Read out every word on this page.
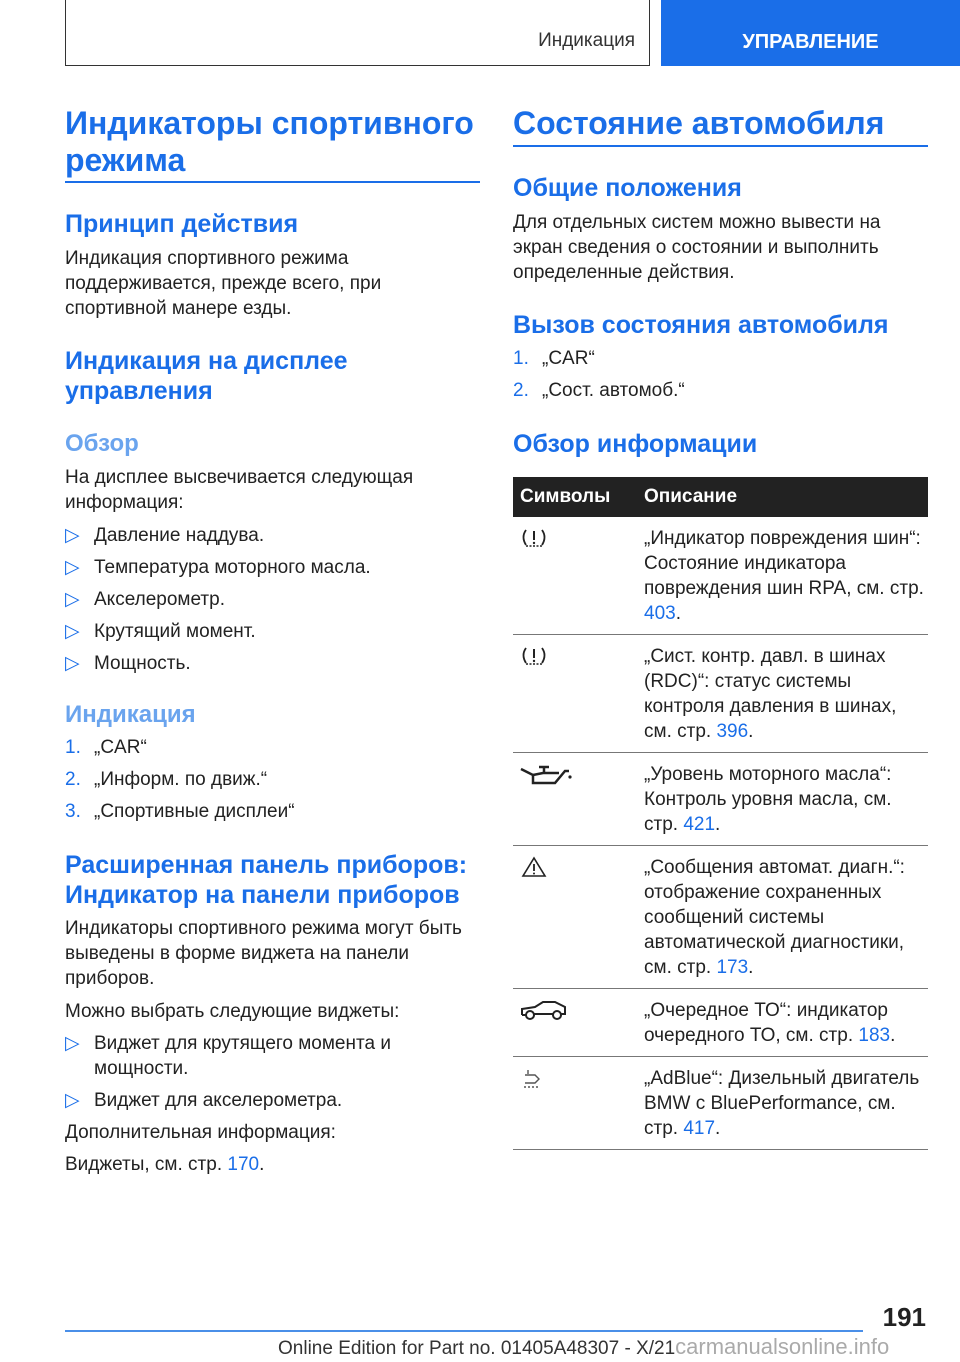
Индикация	УПРАВЛЕНИЕ
Индикаторы спортивного режима
Принцип действия
Индикация спортивного режима поддерживается, прежде всего, при спортивной манере езды.
Индикация на дисплее управления
Обзор
На дисплее высвечивается следующая информация:
▷ Давление наддува.
▷ Температура моторного масла.
▷ Акселерометр.
▷ Крутящий момент.
▷ Мощность.
Индикация
1. „CAR“
2. „Информ. по движ.“
3. „Спортивные дисплеи“
Расширенная панель приборов: Индикатор на панели приборов
Индикаторы спортивного режима могут быть выведены в форме виджета на панели приборов.
Можно выбрать следующие виджеты:
▷ Виджет для крутящего момента и мощности.
▷ Виджет для акселерометра.
Дополнительная информация:
Виджеты, см. стр. 170.
Состояние автомобиля
Общие положения
Для отдельных систем можно вывести на экран сведения о состоянии и выполнить определенные действия.
Вызов состояния автомобиля
1. „CAR“
2. „Сост. автомоб.“
Обзор информации
Символы Описание
„Индикатор повреждения шин“: Состояние индикатора повреждения шин RPA, см. стр. 403.
„Сист. контр. давл. в шинах (RDC)“: статус системы контроля давления в шинах, см. стр. 396.
„Уровень моторного масла“: Контроль уровня масла, см. стр. 421.
„Сообщения автомат. диагн.“: отображение сохраненных сообщений системы автоматической диагностики, см. стр. 173.
„Очередное ТО“: индикатор очередного ТО, см. стр. 183.
„AdBlue“: Дизельный двигатель BMW с BluePerformance, см. стр. 417.
191
Online Edition for Part no. 01405A48307 - X/21carmanualsonline.info
